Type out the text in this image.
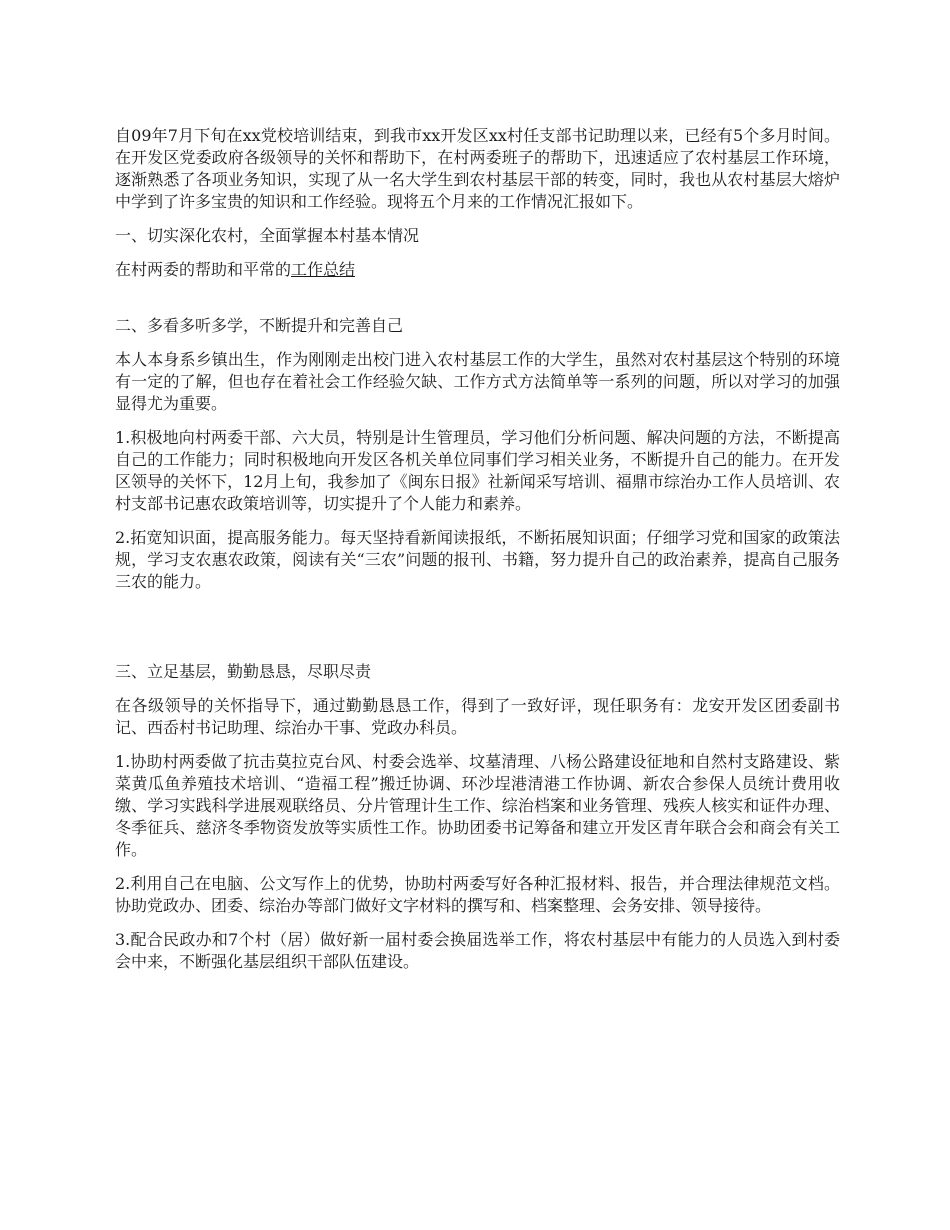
自09年7月下旬在xx党校培训结束，到我市xx开发区xx村任支部书记助理以来，已经有5个多月时间。在开发区党委政府各级领导的关怀和帮助下，在村两委班子的帮助下，迅速适应了农村基层工作环境，逐渐熟悉了各项业务知识，实现了从一名大学生到农村基层干部的转变，同时，我也从农村基层大熔炉中学到了许多宝贵的知识和工作经验。现将五个月来的工作情况汇报如下。

一、切实深化农村，全面掌握本村基本情况

在村两委的帮助和平常的工作总结

二、多看多听多学，不断提升和完善自己

本人本身系乡镇出生，作为刚刚走出校门进入农村基层工作的大学生，虽然对农村基层这个特别的环境有一定的了解，但也存在着社会工作经验欠缺、工作方式方法简单等一系列的问题，所以对学习的加强显得尤为重要。

1.积极地向村两委干部、六大员，特别是计生管理员，学习他们分析问题、解决问题的方法，不断提高自己的工作能力；同时积极地向开发区各机关单位同事们学习相关业务，不断提升自己的能力。在开发区领导的关怀下，12月上旬，我参加了《闽东日报》社新闻采写培训、福鼎市综治办工作人员培训、农村支部书记惠农政策培训等，切实提升了个人能力和素养。

2.拓宽知识面，提高服务能力。每天坚持看新闻读报纸，不断拓展知识面；仔细学习党和国家的政策法规，学习支农惠农政策，阅读有关“三农”问题的报刊、书籍，努力提升自己的政治素养，提高自己服务三农的能力。

三、立足基层，勤勤恳恳，尽职尽责

在各级领导的关怀指导下，通过勤勤恳恳工作，得到了一致好评，现任职务有：龙安开发区团委副书记、西岙村书记助理、综治办干事、党政办科员。

1.协助村两委做了抗击莫拉克台风、村委会选举、坟墓清理、八杨公路建设征地和自然村支路建设、紫菜黄瓜鱼养殖技术培训、“造福工程”搬迁协调、环沙埕港清港工作协调、新农合参保人员统计费用收缴、学习实践科学进展观联络员、分片管理计生工作、综治档案和业务管理、残疾人核实和证件办理、冬季征兵、慈济冬季物资发放等实质性工作。协助团委书记筹备和建立开发区青年联合会和商会有关工作。

2.利用自己在电脑、公文写作上的优势，协助村两委写好各种汇报材料、报告，并合理法律规范文档。协助党政办、团委、综治办等部门做好文字材料的撰写和、档案整理、会务安排、领导接待。

3.配合民政办和7个村（居）做好新一届村委会换届选举工作，将农村基层中有能力的人员选入到村委会中来，不断强化基层组织干部队伍建设。
